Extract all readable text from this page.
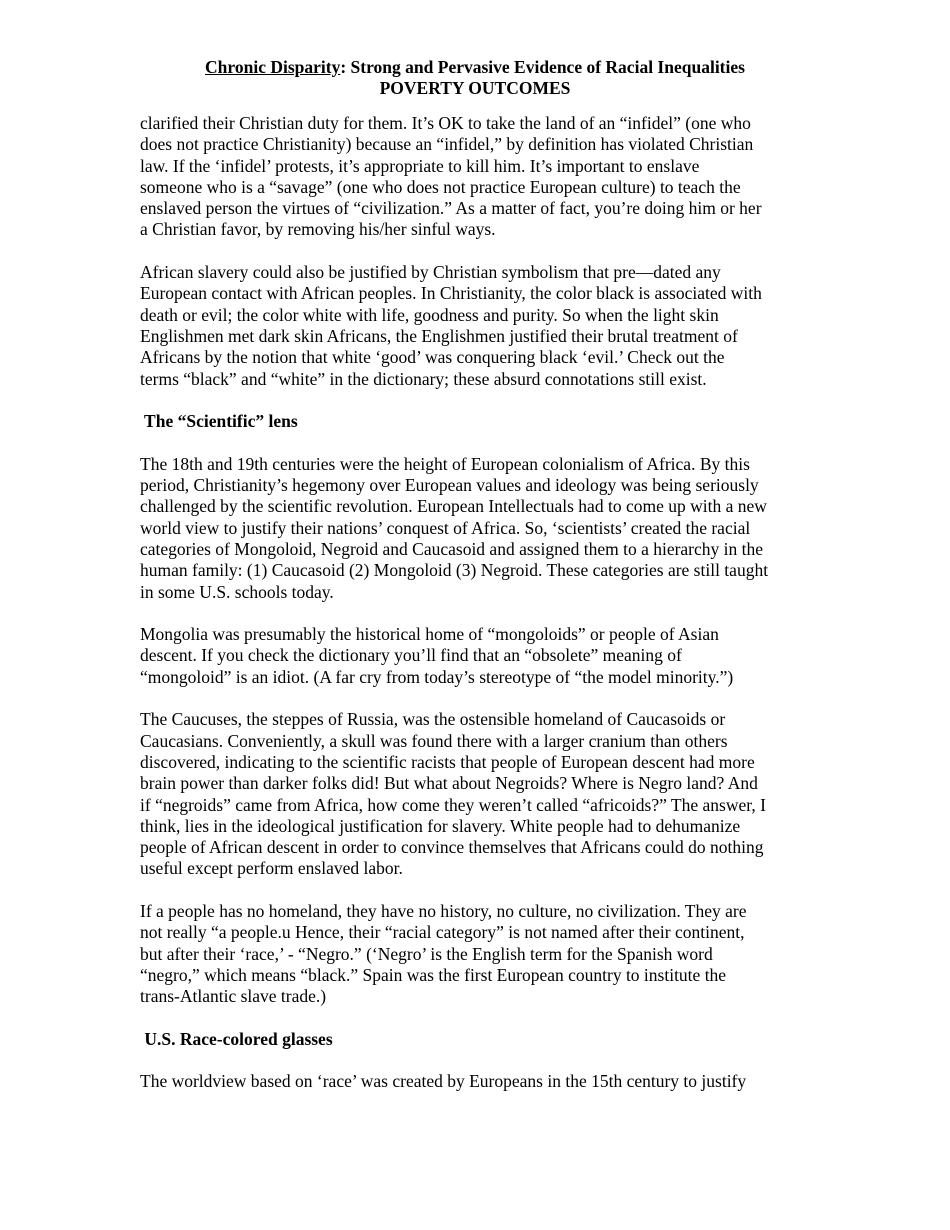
Chronic Disparity: Strong and Pervasive Evidence of Racial Inequalities
POVERTY OUTCOMES

clarified their Christian duty for them. It’s OK to take the land of an “infidel” (one who
does not practice Christianity) because an “infidel,” by definition has violated Christian
law. If the ‘infidel’ protests, it’s appropriate to kill him. It’s important to enslave
someone who is a “savage” (one who does not practice European culture) to teach the
enslaved person the virtues of “civilization.” As a matter of fact, you’re doing him or her
a Christian favor, by removing his/her sinful ways.

African slavery could also be justified by Christian symbolism that pre—dated any
European contact with African peoples. In Christianity, the color black is associated with
death or evil; the color white with life, goodness and purity. So when the light skin
Englishmen met dark skin Africans, the Englishmen justified their brutal treatment of
Africans by the notion that white ‘good’ was conquering black ‘evil.’ Check out the
terms “black” and “white” in the dictionary; these absurd connotations still exist.

The “Scientific” lens

The 18th and 19th centuries were the height of European colonialism of Africa. By this
period, Christianity’s hegemony over European values and ideology was being seriously
challenged by the scientific revolution. European Intellectuals had to come up with a new
world view to justify their nations’ conquest of Africa. So, ‘scientists’ created the racial
categories of Mongoloid, Negroid and Caucasoid and assigned them to a hierarchy in the
human family: (1) Caucasoid (2) Mongoloid (3) Negroid. These categories are still taught
in some U.S. schools today.

Mongolia was presumably the historical home of “mongoloids” or people of Asian
descent. If you check the dictionary you’ll find that an “obsolete” meaning of
“mongoloid” is an idiot. (A far cry from today’s stereotype of “the model minority.”)

The Caucuses, the steppes of Russia, was the ostensible homeland of Caucasoids or
Caucasians. Conveniently, a skull was found there with a larger cranium than others
discovered, indicating to the scientific racists that people of European descent had more
brain power than darker folks did! But what about Negroids? Where is Negro land? And
if “negroids” came from Africa, how come they weren’t called “africoids?” The answer, I
think, lies in the ideological justification for slavery. White people had to dehumanize
people of African descent in order to convince themselves that Africans could do nothing
useful except perform enslaved labor.

If a people has no homeland, they have no history, no culture, no civilization. They are
not really “a people.u Hence, their “racial category” is not named after their continent,
but after their ‘race,’ - “Negro.” (‘Negro’ is the English term for the Spanish word
“negro,” which means “black.” Spain was the first European country to institute the
trans-Atlantic slave trade.)

U.S. Race-colored glasses

The worldview based on ‘race’ was created by Europeans in the 15th century to justify
